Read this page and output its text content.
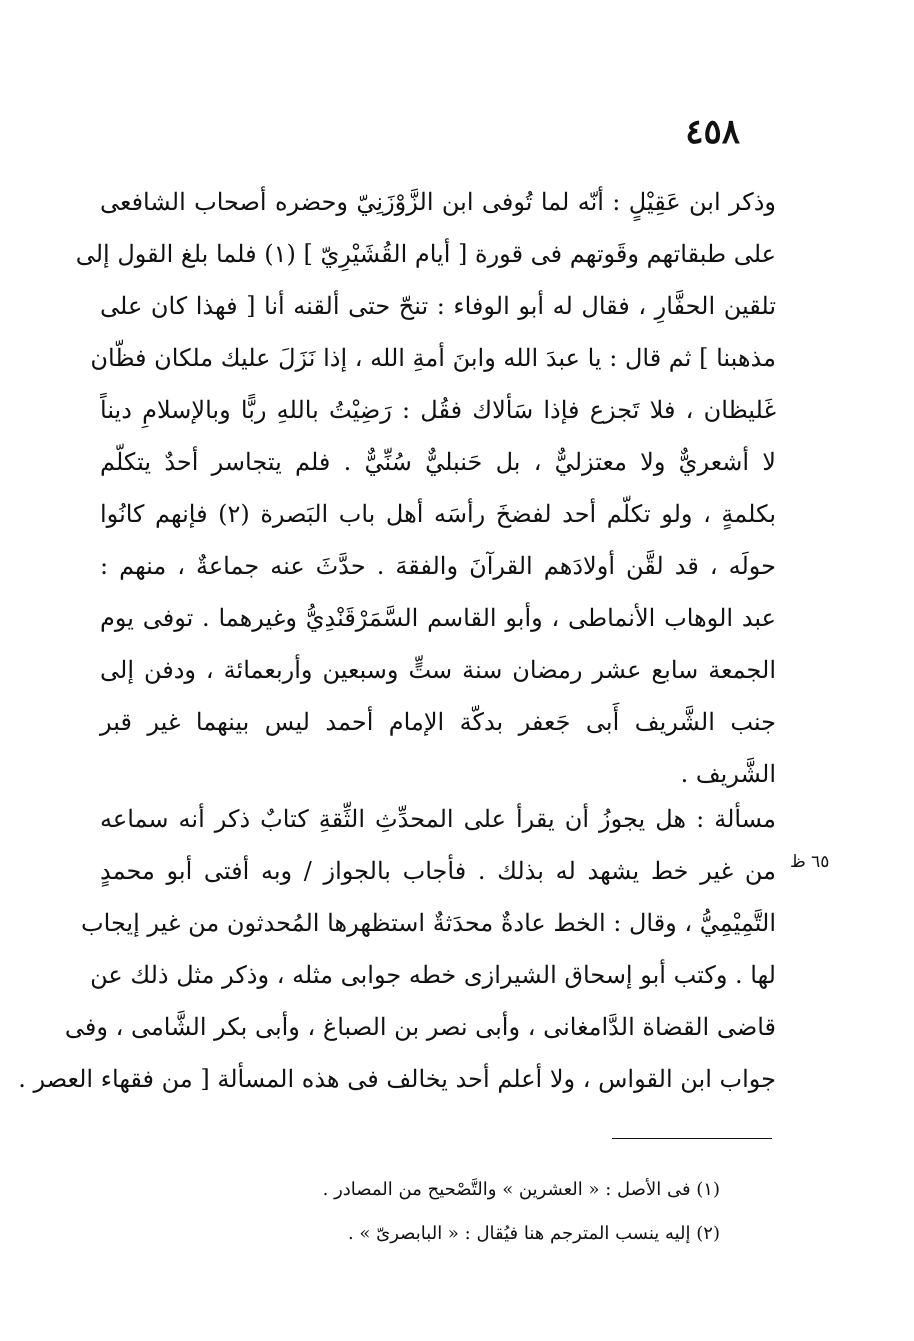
٤٥٨
وذكر ابن عَقِيْلٍ : أنّه لما تُوفى ابن الزَّوْزَنِيّ وحضره أصحاب الشافعى
على طبقاتهم وقَوتهم فى قورة [ أيام القُشَيْرِيّ ] (١) فلما بلغ القول إلى
تلقين الحفَّارِ ، فقال له أبو الوفاء : تنحّ حتى ألقنه أنا [ فهذا كان على
مذهبنا ] ثم قال : يا عبدَ الله وابنَ أمةِ الله ، إذا نَزَلَ عليك ملكان فظّان
غَليظان ، فلا تَجزع فإذا سَألاك فقُل : رَضِيْتُ باللهِ ربًّا وبالإسلامِ ديناً
لا أشعريٌّ ولا معتزليٌّ ، بل حَنبليٌّ سُنِّيٌّ . فلم يتجاسر أحدٌ يتكلّم
بكلمةٍ ، ولو تكلّم أحد لفضخَ رأسَه أهل باب البَصرة (٢) فإنهم كانُوا
حولَه ، قد لقَّن أولادَهم القرآنَ والفقهَ . حدَّثَ عنه جماعةٌ ، منهم :
عبد الوهاب الأنماطى ، وأبو القاسم السَّمَرْقَنْدِيُّ وغيرهما . توفى يوم
الجمعة سابع عشر رمضان سنة ستٍّ وسبعين وأربعمائة ، ودفن إلى
جنب الشَّريف أَبى جَعفر بدكّة الإمام أحمد ليس بينهما غير قبر
الشَّريف .
مسألة : هل يجوزُ أن يقرأ على المحدِّثِ الثِّقةِ كتابٌ ذكر أنه سماعه
من غير خط يشهد له بذلك . فأجاب بالجواز / وبه أفتى أبو محمدٍ
التَّمِيْمِيُّ ، وقال : الخط عادةٌ محدَثةٌ استظهرها المُحدثون من غير إيجاب
لها . وكتب أبو إسحاق الشيرازى خطه جوابى مثله ، وذكر مثل ذلك عن
قاضى القضاة الدَّامغانى ، وأبى نصر بن الصباغ ، وأبى بكر الشَّامى ، وفى
جواب ابن القواس ، ولا أعلم أحد يخالف فى هذه المسألة [ من فقهاء العصر .
٦٥ ظ
(١) فى الأصل : « العشرين » والتَّصْحيح من المصادر .
(٢) إليه ينسب المترجم هنا فيُقال : « البابصرىّ » .
